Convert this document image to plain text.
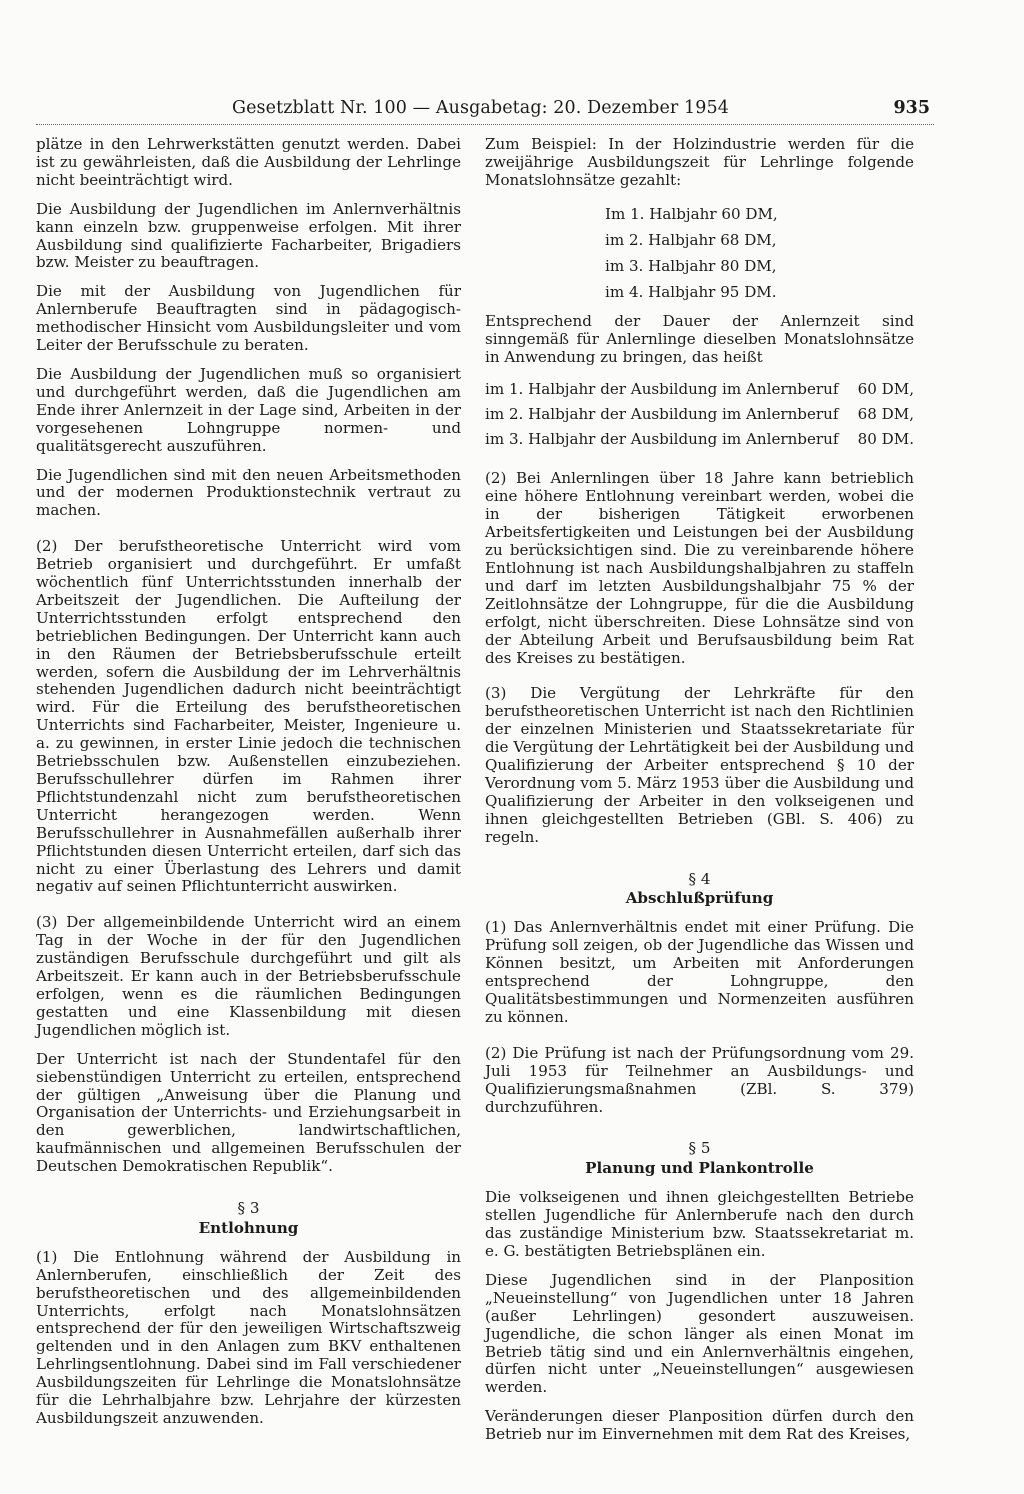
Gesetzblatt Nr. 100 — Ausgabetag: 20. Dezember 1954	935

plätze in den Lehrwerkstätten genutzt werden. Dabei ist zu gewährleisten, daß die Ausbildung der Lehrlinge nicht beeinträchtigt wird.

Die Ausbildung der Jugendlichen im Anlernverhältnis kann einzeln bzw. gruppenweise erfolgen. Mit ihrer Ausbildung sind qualifizierte Facharbeiter, Brigadiers bzw. Meister zu beauftragen.

Die mit der Ausbildung von Jugendlichen für Anlernberufe Beauftragten sind in pädagogisch-methodischer Hinsicht vom Ausbildungsleiter und vom Leiter der Berufsschule zu beraten.

Die Ausbildung der Jugendlichen muß so organisiert und durchgeführt werden, daß die Jugendlichen am Ende ihrer Anlernzeit in der Lage sind, Arbeiten in der vorgesehenen Lohngruppe normen- und qualitätsgerecht auszuführen.

Die Jugendlichen sind mit den neuen Arbeitsmethoden und der modernen Produktionstechnik vertraut zu machen.

(2) Der berufstheoretische Unterricht wird vom Betrieb organisiert und durchgeführt. Er umfaßt wöchentlich fünf Unterrichtsstunden innerhalb der Arbeitszeit der Jugendlichen. Die Aufteilung der Unterrichtsstunden erfolgt entsprechend den betrieblichen Bedingungen. Der Unterricht kann auch in den Räumen der Betriebsberufsschule erteilt werden, sofern die Ausbildung der im Lehrverhältnis stehenden Jugendlichen dadurch nicht beeinträchtigt wird. Für die Erteilung des berufstheoretischen Unterrichts sind Facharbeiter, Meister, Ingenieure u. a. zu gewinnen, in erster Linie jedoch die technischen Betriebsschulen bzw. Außenstellen einzubeziehen. Berufsschullehrer dürfen im Rahmen ihrer Pflichtstundenzahl nicht zum berufstheoretischen Unterricht herangezogen werden. Wenn Berufsschullehrer in Ausnahmefällen außerhalb ihrer Pflichtstunden diesen Unterricht erteilen, darf sich das nicht zu einer Überlastung des Lehrers und damit negativ auf seinen Pflichtunterricht auswirken.

(3) Der allgemeinbildende Unterricht wird an einem Tag in der Woche in der für den Jugendlichen zuständigen Berufsschule durchgeführt und gilt als Arbeitszeit. Er kann auch in der Betriebsberufsschule erfolgen, wenn es die räumlichen Bedingungen gestatten und eine Klassenbildung mit diesen Jugendlichen möglich ist.

Der Unterricht ist nach der Stundentafel für den siebenstündigen Unterricht zu erteilen, entsprechend der gültigen „Anweisung über die Planung und Organisation der Unterrichts- und Erziehungsarbeit in den gewerblichen, landwirtschaftlichen, kaufmännischen und allgemeinen Berufsschulen der Deutschen Demokratischen Republik“.

§ 3
Entlohnung

(1) Die Entlohnung während der Ausbildung in Anlernberufen, einschließlich der Zeit des berufstheoretischen und des allgemeinbildenden Unterrichts, erfolgt nach Monatslohnsätzen entsprechend der für den jeweiligen Wirtschaftszweig geltenden und in den Anlagen zum BKV enthaltenen Lehrlingsentlohnung. Dabei sind im Fall verschiedener Ausbildungszeiten für Lehrlinge die Monatslohnsätze für die Lehrhalbjahre bzw. Lehrjahre der kürzesten Ausbildungszeit anzuwenden.

Zum Beispiel: In der Holzindustrie werden für die zweijährige Ausbildungszeit für Lehrlinge folgende Monatslohnsätze gezahlt:

Im 1. Halbjahr 60 DM,
im 2. Halbjahr 68 DM,
im 3. Halbjahr 80 DM,
im 4. Halbjahr 95 DM.

Entsprechend der Dauer der Anlernzeit sind sinngemäß für Anlernlinge dieselben Monatslohnsätze in Anwendung zu bringen, das heißt

im 1. Halbjahr der Ausbildung im Anlernberuf 60 DM,
im 2. Halbjahr der Ausbildung im Anlernberuf 68 DM,
im 3. Halbjahr der Ausbildung im Anlernberuf 80 DM.

(2) Bei Anlernlingen über 18 Jahre kann betrieblich eine höhere Entlohnung vereinbart werden, wobei die in der bisherigen Tätigkeit erworbenen Arbeitsfertigkeiten und Leistungen bei der Ausbildung zu berücksichtigen sind. Die zu vereinbarende höhere Entlohnung ist nach Ausbildungshalbjahren zu staffeln und darf im letzten Ausbildungshalbjahr 75 % der Zeitlohnsätze der Lohngruppe, für die die Ausbildung erfolgt, nicht überschreiten. Diese Lohnsätze sind von der Abteilung Arbeit und Berufsausbildung beim Rat des Kreises zu bestätigen.

(3) Die Vergütung der Lehrkräfte für den berufstheoretischen Unterricht ist nach den Richtlinien der einzelnen Ministerien und Staatssekretariate für die Vergütung der Lehrtätigkeit bei der Ausbildung und Qualifizierung der Arbeiter entsprechend § 10 der Verordnung vom 5. März 1953 über die Ausbildung und Qualifizierung der Arbeiter in den volkseigenen und ihnen gleichgestellten Betrieben (GBl. S. 406) zu regeln.

§ 4
Abschlußprüfung

(1) Das Anlernverhältnis endet mit einer Prüfung. Die Prüfung soll zeigen, ob der Jugendliche das Wissen und Können besitzt, um Arbeiten mit Anforderungen entsprechend der Lohngruppe, den Qualitätsbestimmungen und Normenzeiten ausführen zu können.

(2) Die Prüfung ist nach der Prüfungsordnung vom 29. Juli 1953 für Teilnehmer an Ausbildungs- und Qualifizierungsmaßnahmen (ZBl. S. 379) durchzuführen.

§ 5
Planung und Plankontrolle

Die volkseigenen und ihnen gleichgestellten Betriebe stellen Jugendliche für Anlernberufe nach den durch das zuständige Ministerium bzw. Staatssekretariat m. e. G. bestätigten Betriebsplänen ein.

Diese Jugendlichen sind in der Planposition „Neueinstellung“ von Jugendlichen unter 18 Jahren (außer Lehrlingen) gesondert auszuweisen. Jugendliche, die schon länger als einen Monat im Betrieb tätig sind und ein Anlernverhältnis eingehen, dürfen nicht unter „Neueinstellungen“ ausgewiesen werden.

Veränderungen dieser Planposition dürfen durch den Betrieb nur im Einvernehmen mit dem Rat des Kreises,
